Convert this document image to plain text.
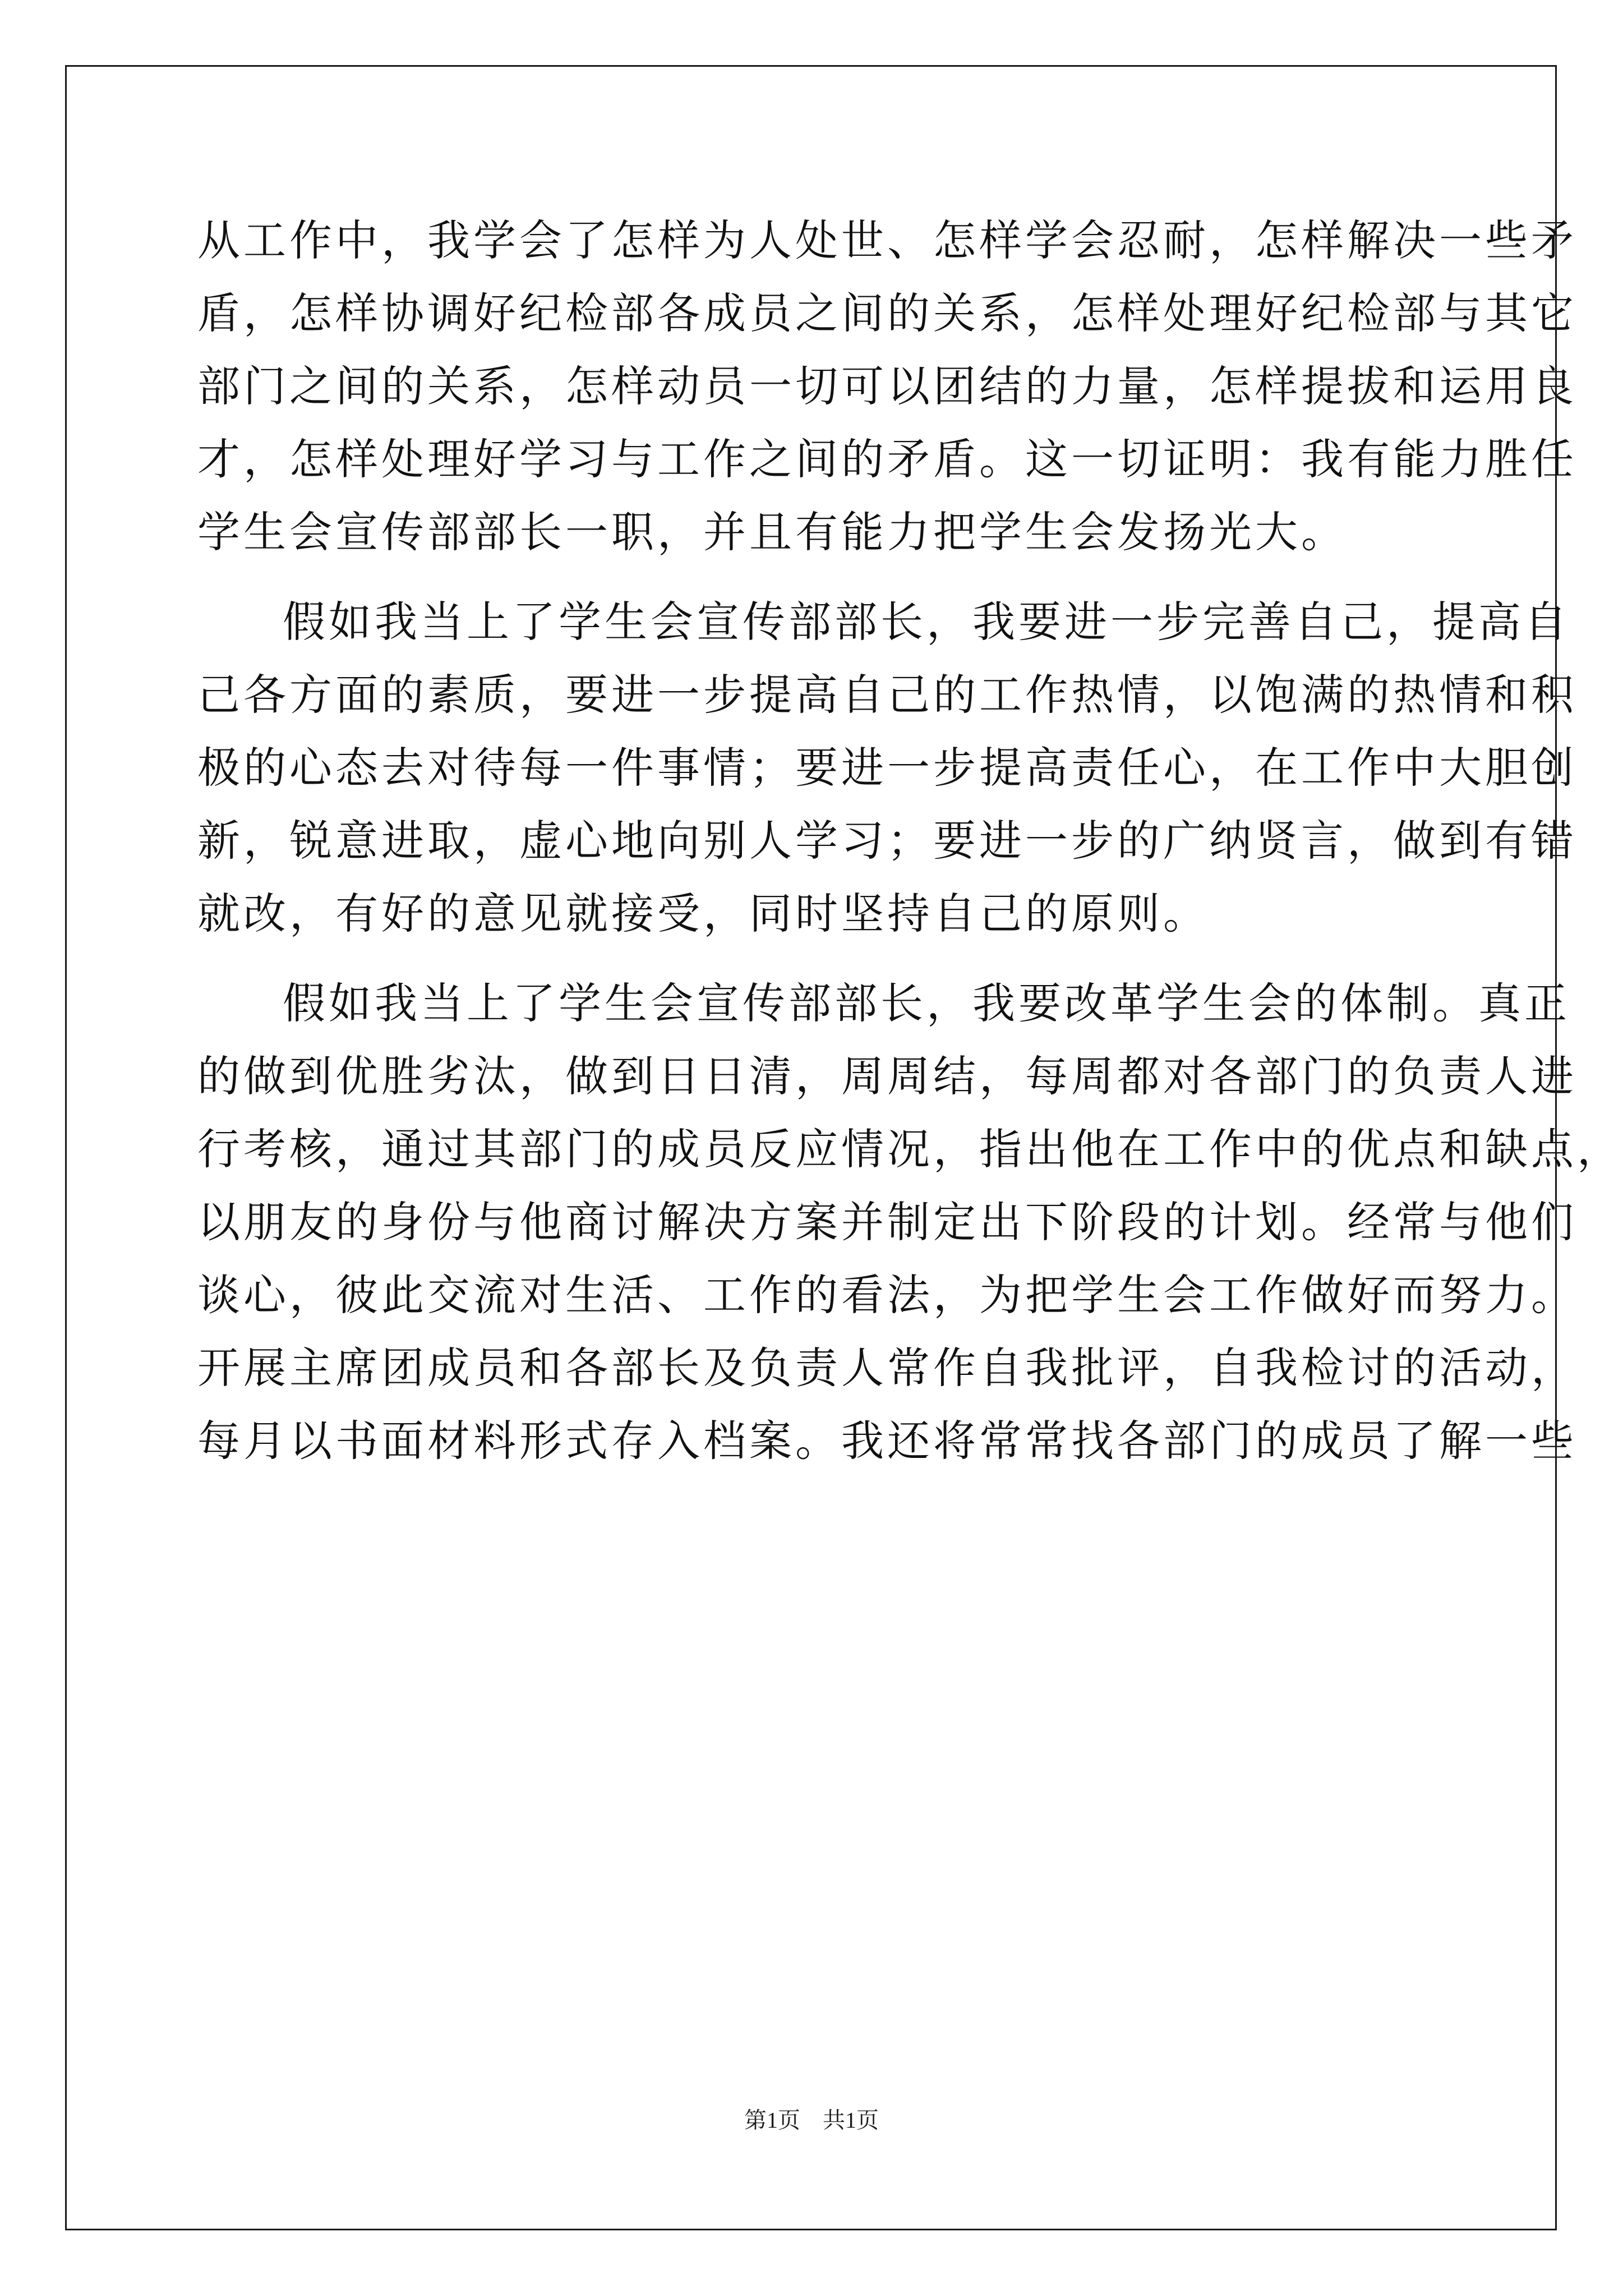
从工作中，我学会了怎样为人处世、怎样学会忍耐，怎样解决一些矛
盾，怎样协调好纪检部各成员之间的关系，怎样处理好纪检部与其它
部门之间的关系，怎样动员一切可以团结的力量，怎样提拔和运用良
才，怎样处理好学习与工作之间的矛盾。这一切证明：我有能力胜任
学生会宣传部部长一职，并且有能力把学生会发扬光大。
假如我当上了学生会宣传部部长，我要进一步完善自己，提高自
己各方面的素质，要进一步提高自己的工作热情，以饱满的热情和积
极的心态去对待每一件事情；要进一步提高责任心，在工作中大胆创
新，锐意进取，虚心地向别人学习；要进一步的广纳贤言，做到有错
就改，有好的意见就接受，同时坚持自己的原则。
假如我当上了学生会宣传部部长，我要改革学生会的体制。真正
的做到优胜劣汰，做到日日清，周周结，每周都对各部门的负责人进
行考核，通过其部门的成员反应情况，指出他在工作中的优点和缺点，
以朋友的身份与他商讨解决方案并制定出下阶段的计划。经常与他们
谈心，彼此交流对生活、工作的看法，为把学生会工作做好而努力。
开展主席团成员和各部长及负责人常作自我批评，自我检讨的活动，
每月以书面材料形式存入档案。我还将常常找各部门的成员了解一些
第1页 共1页
